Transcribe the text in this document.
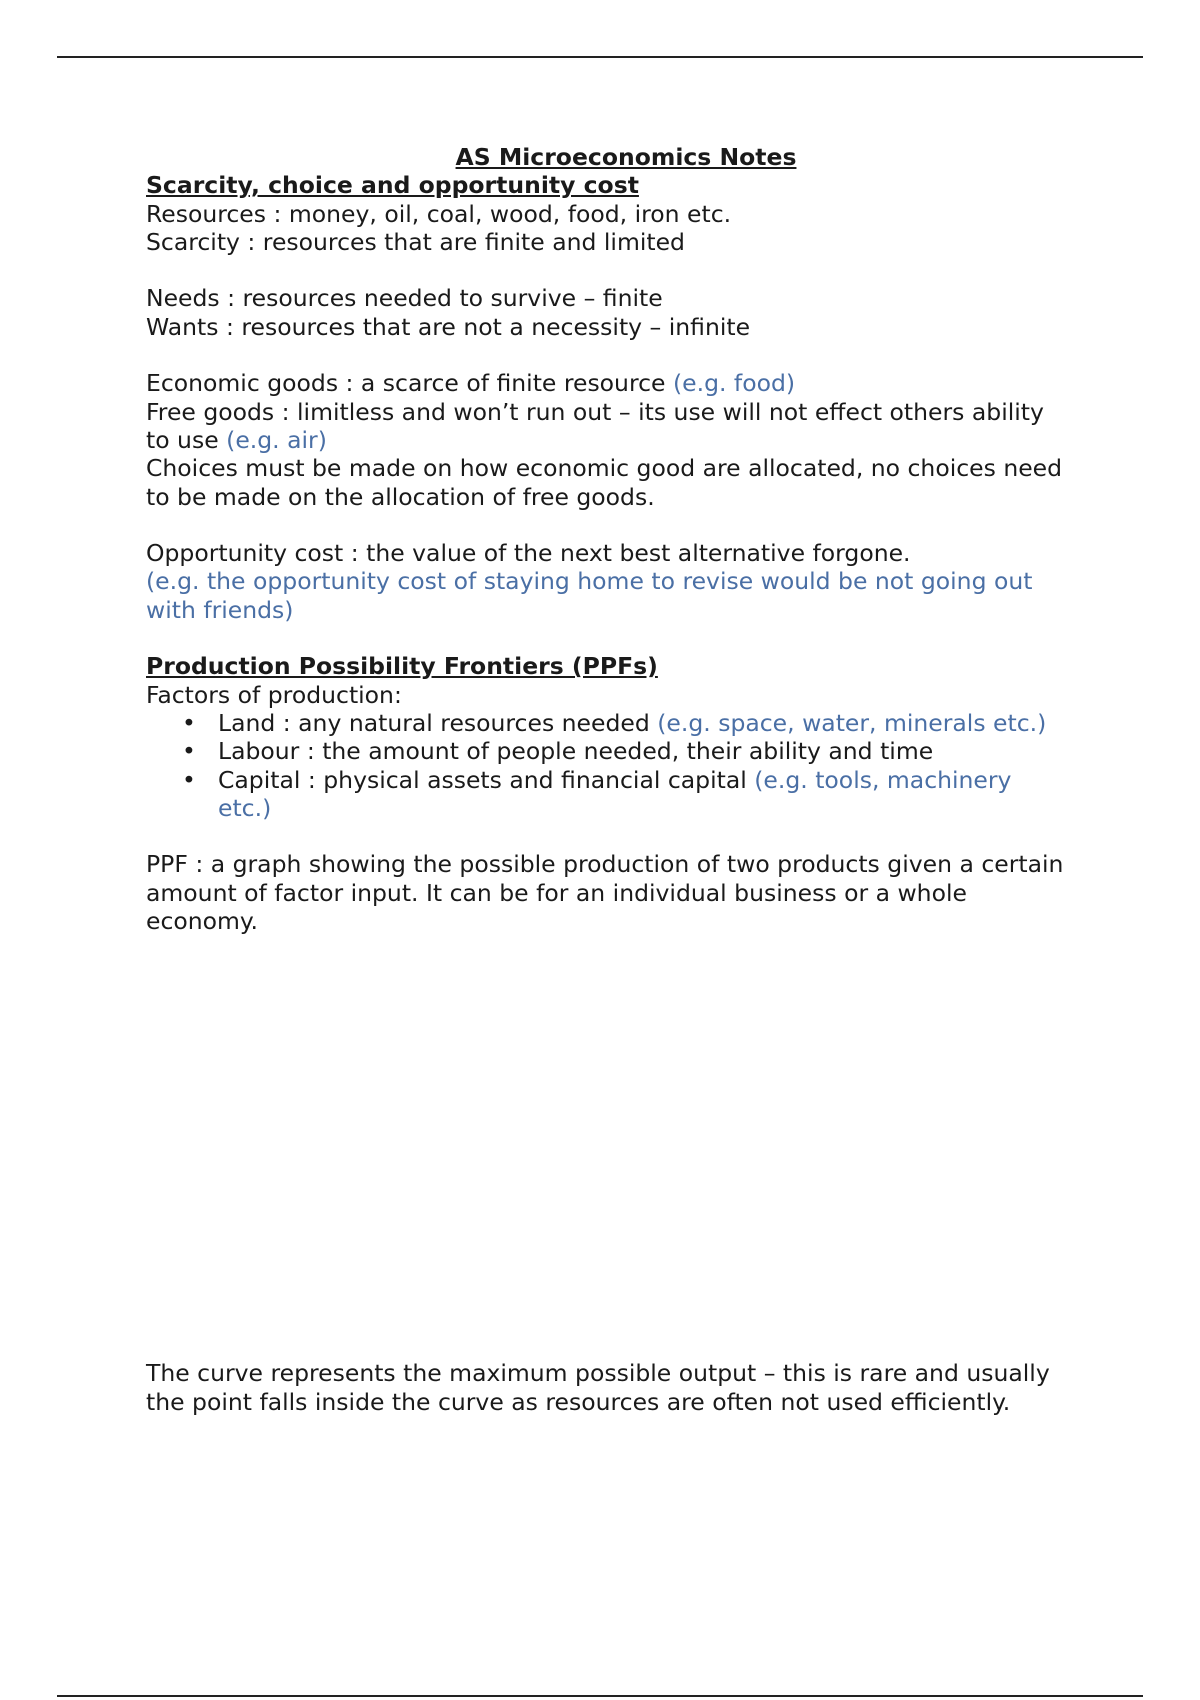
AS Microeconomics Notes

Scarcity, choice and opportunity cost

Resources : money, oil, coal, wood, food, iron etc.

Scarcity : resources that are finite and limited

Needs : resources needed to survive – finite

Wants : resources that are not a necessity – infinite

Economic goods : a scarce of finite resource (e.g. food)

Free goods : limitless and won’t run out – its use will not effect others ability to use (e.g. air)

Choices must be made on how economic good are allocated, no choices need to be made on the allocation of free goods.

Opportunity cost : the value of the next best alternative forgone.

(e.g. the opportunity cost of staying home to revise would be not going out with friends)

Production Possibility Frontiers (PPFs)

Factors of production:

• Land : any natural resources needed (e.g. space, water, minerals etc.)
• Labour : the amount of people needed, their ability and time
• Capital : physical assets and financial capital (e.g. tools, machinery etc.)

PPF : a graph showing the possible production of two products given a certain amount of factor input. It can be for an individual business or a whole economy.

The curve represents the maximum possible output – this is rare and usually the point falls inside the curve as resources are often not used efficiently.
